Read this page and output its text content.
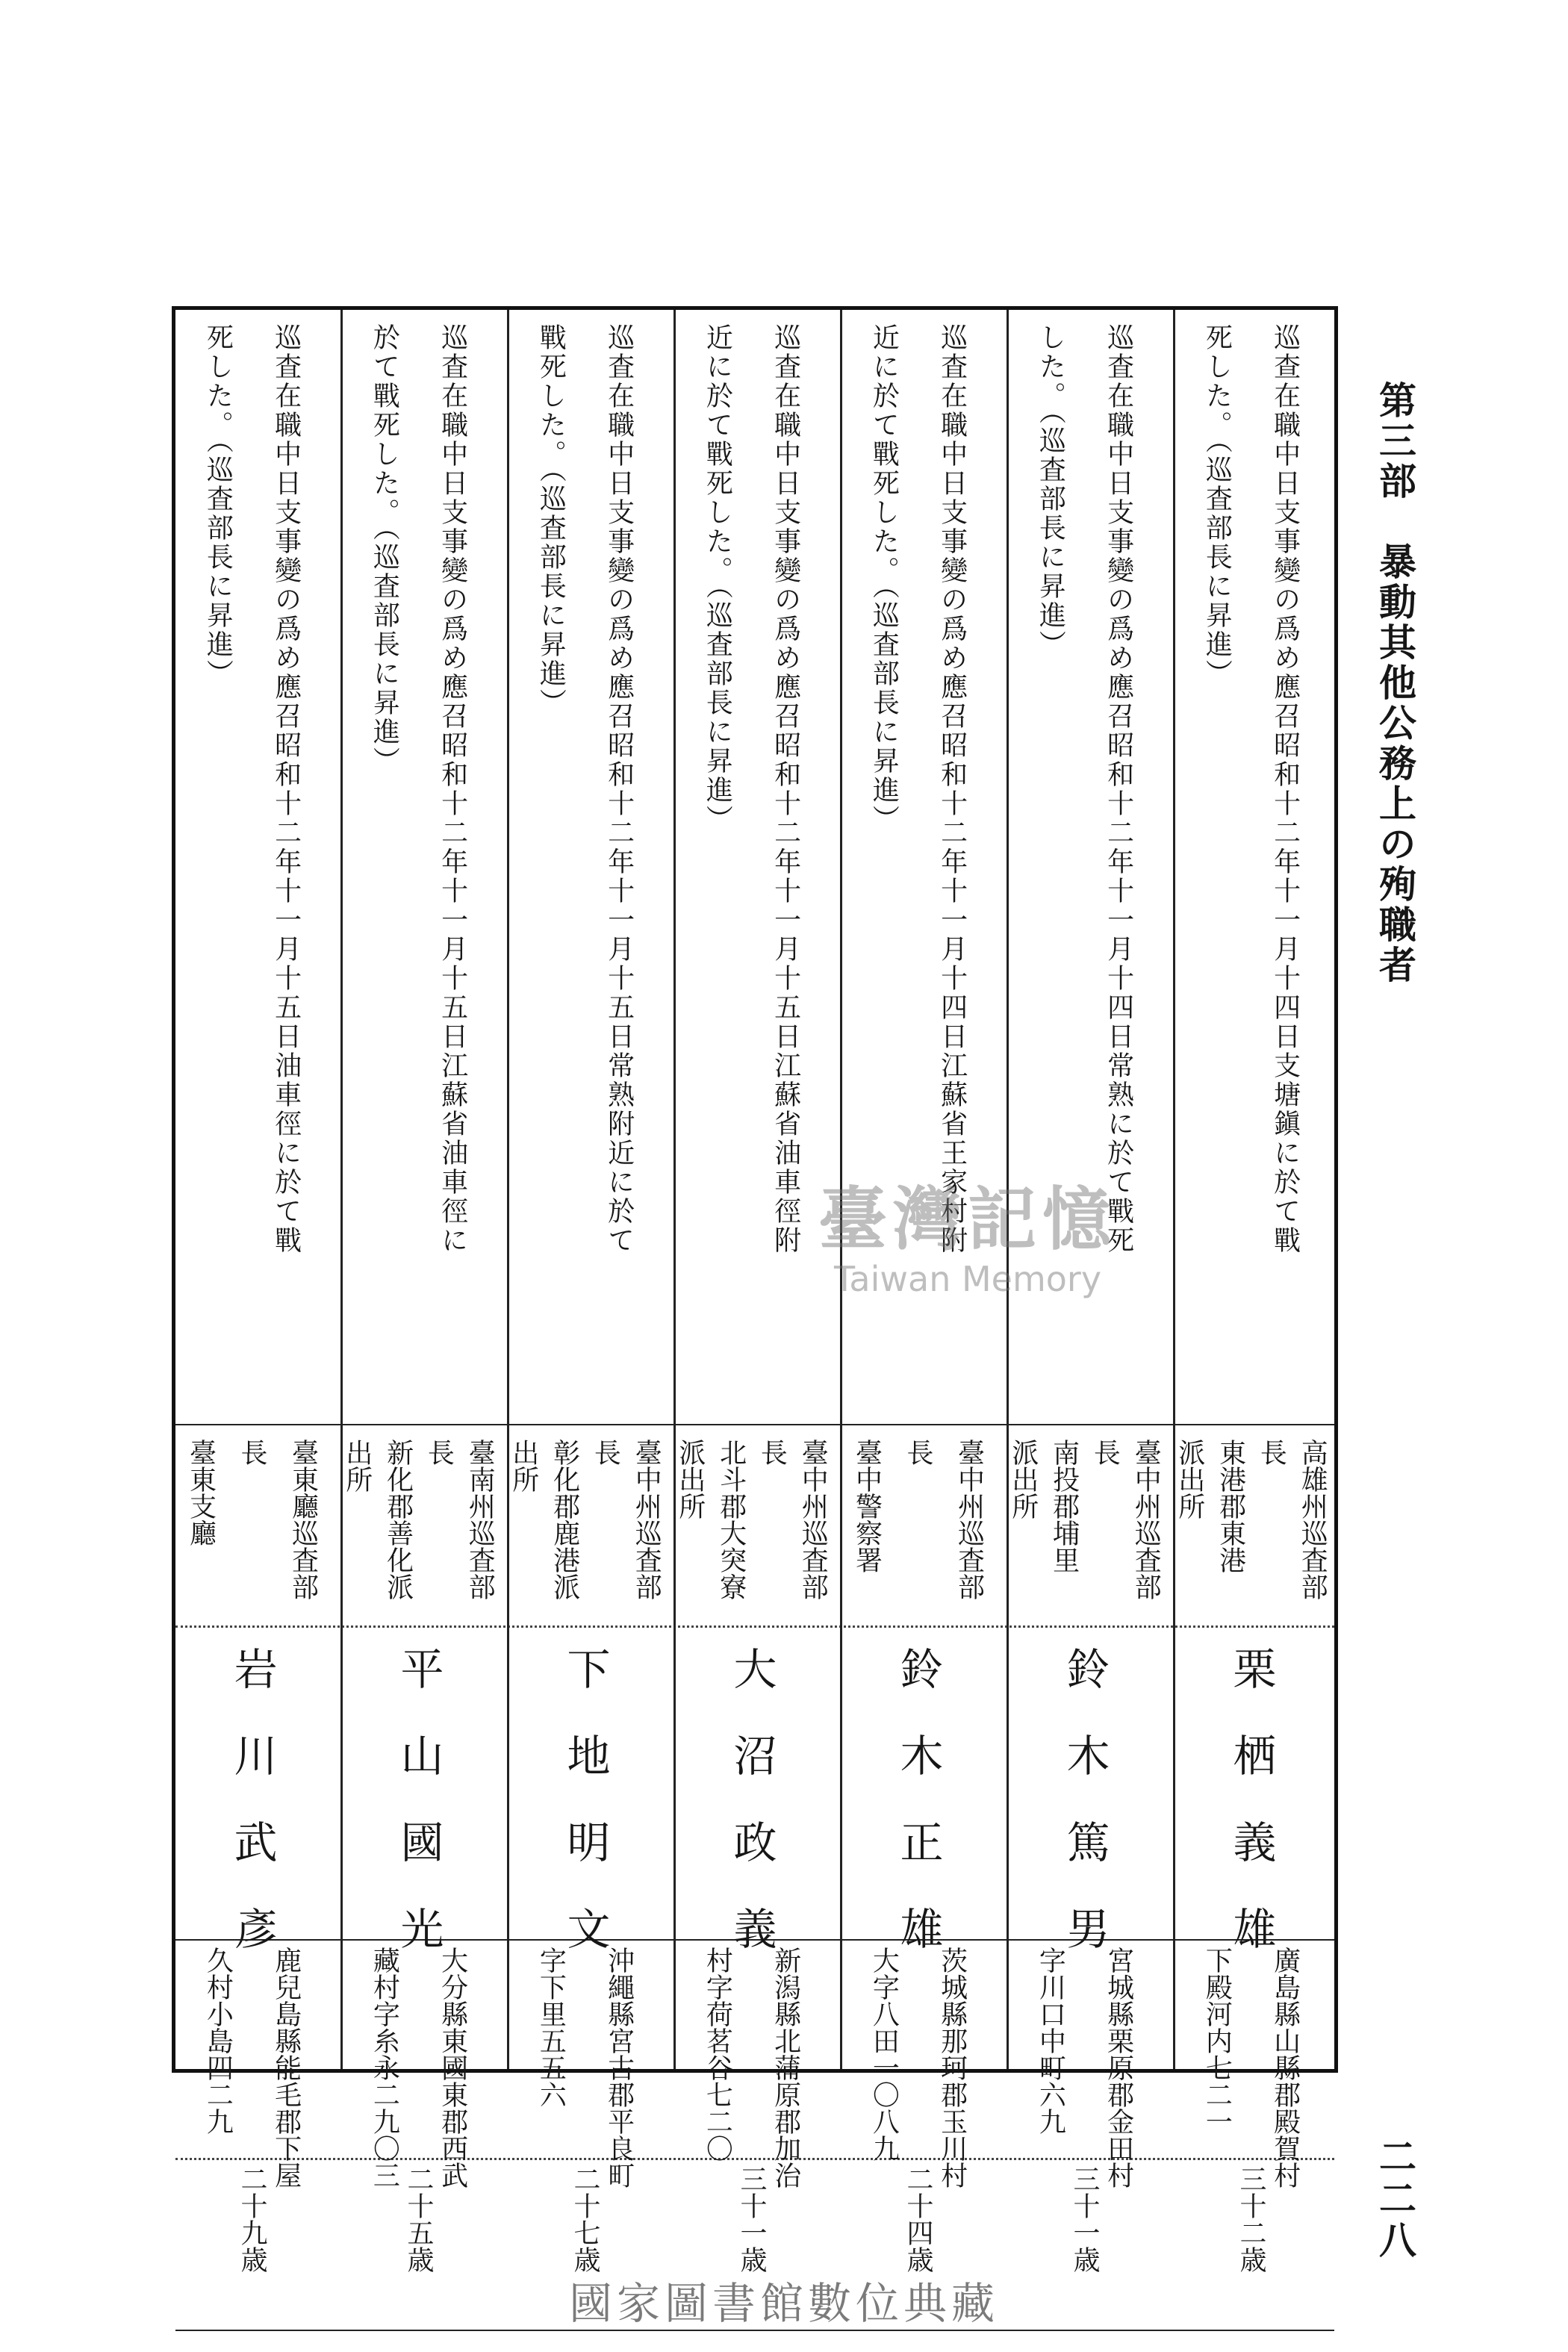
第三部　暴動其他公務上の殉職者
二二八
巡查在職中日支事變の爲め應召昭和十二年十一月十四日支塘鎭に於て戰
死した。（巡査部長に昇進）
高雄州巡査部
長
東港郡東港
派出所
栗栖義雄
廣島縣山縣郡殿賀村
下殿河内七二一
三十二歳
巡査在職中日支事變の爲め應召昭和十二年十一月十四日常熟に於て戰死
した。（巡査部長に昇進）
臺中州巡査部
長
南投郡埔里
派出所
鈴木篤男
宮城縣栗原郡金田村
字川口中町六九
三十一歳
巡査在職中日支事變の爲め應召昭和十二年十一月十四日江蘇省王家村附
近に於て戰死した。（巡査部長に昇進）
臺中州巡査部
長
臺中警察署
鈴木正雄
茨城縣那珂郡玉川村
大字八田一〇八九
二十四歳
巡査在職中日支事變の爲め應召昭和十二年十一月十五日江蘇省油車徑附
近に於て戰死した。（巡査部長に昇進）
臺中州巡査部
長
北斗郡大突寮
派出所
大沼政義
新潟縣北蒲原郡加治
村字荷茗谷七二〇
三十一歳
巡査在職中日支事變の爲め應召昭和十二年十一月十五日常熟附近に於て
戰死した。（巡査部長に昇進）
臺中州巡査部
長
彰化郡鹿港派
出所
下地明文
沖繩縣宮古郡平良町
字下里五五六
二十七歳
巡査在職中日支事變の爲め應召昭和十二年十一月十五日江蘇省油車徑に
於て戰死した。（巡査部長に昇進）
臺南州巡査部
長
新化郡善化派
出所
平山國光
大分縣東國東郡西武
藏村字糸永二九〇三
二十五歳
巡査在職中日支事變の爲め應召昭和十二年十一月十五日油車徑に於て戰
死した。（巡査部長に昇進）
臺東廳巡査部
長
臺東支廳
岩川武彥
鹿兒島縣能毛郡下屋
久村小島四二九
二十九歳
臺灣記憶
Taiwan Memory
國家圖書館數位典藏
